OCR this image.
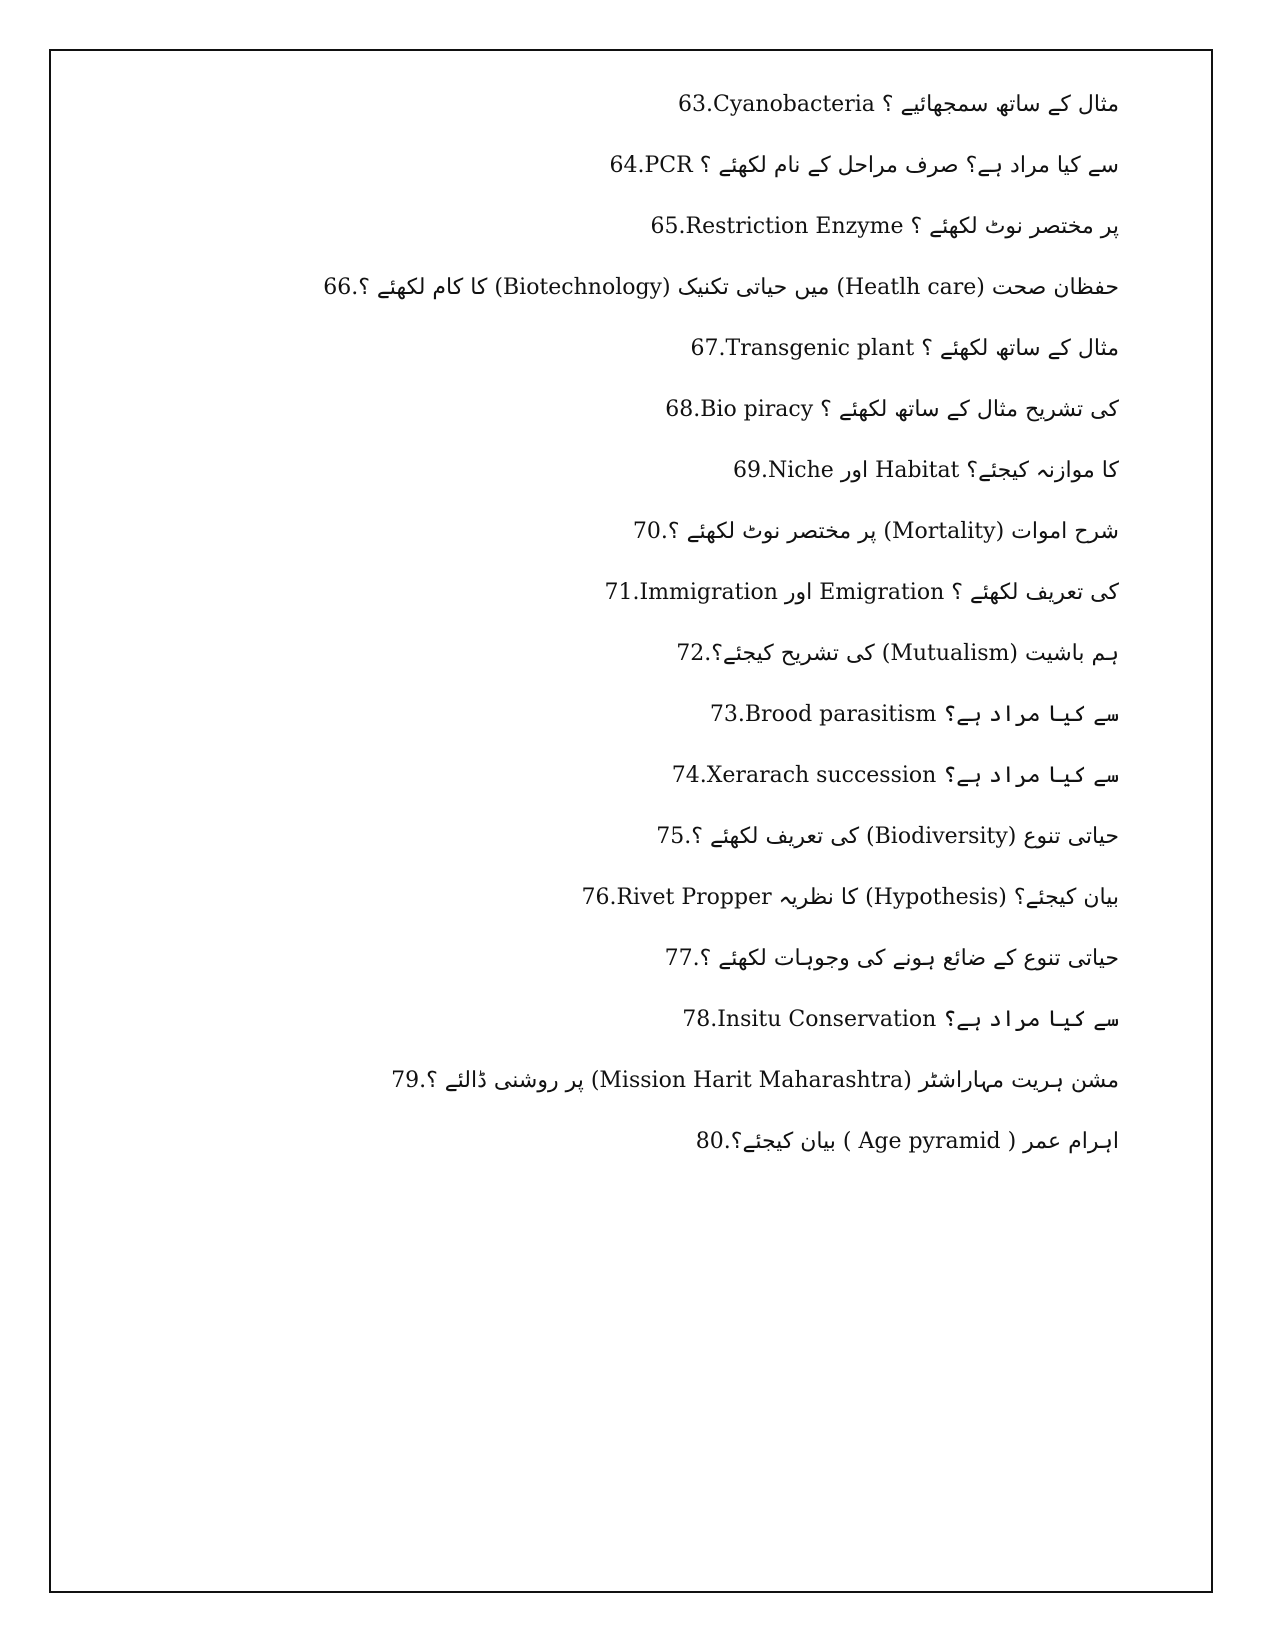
63.Cyanobacteria مثال کے ساتھ سمجھائیے ؟
64.PCR سے کیا مراد ہے؟ صرف مراحل کے نام لکھئے ؟
65.Restriction Enzyme پر مختصر نوٹ لکھئے ؟
66.حفظان صحت (Heatlh care) میں حیاتی تکنیک (Biotechnology) کا کام لکھئے ؟
67.Transgenic plant مثال کے ساتھ لکھئے ؟
68.Bio piracy کی تشریح مثال کے ساتھ لکھئے ؟
69.Niche اور Habitat کا موازنہ کیجئے؟
70.شرح اموات (Mortality) پر مختصر نوٹ لکھئے ؟
71.Immigration اور Emigration کی تعریف لکھئے ؟
72.ہم باشیت (Mutualism) کی تشریح کیجئے؟
73.Brood parasitism سے کیا مراد ہے؟
74.Xerarach succession سے کیا مراد ہے؟
75.حیاتی تنوع (Biodiversity) کی تعریف لکھئے ؟
76.Rivet Propper کا نظریہ (Hypothesis) بیان کیجئے؟
77.حیاتی تنوع کے ضائع ہونے کی وجوہات لکھئے ؟
78.Insitu Conservation سے کیا مراد ہے؟
79.مشن ہریت مہاراشٹر (Mission Harit Maharashtra) پر روشنی ڈالئے ؟
80.اہرام عمر ( Age pyramid ) بیان کیجئے؟
